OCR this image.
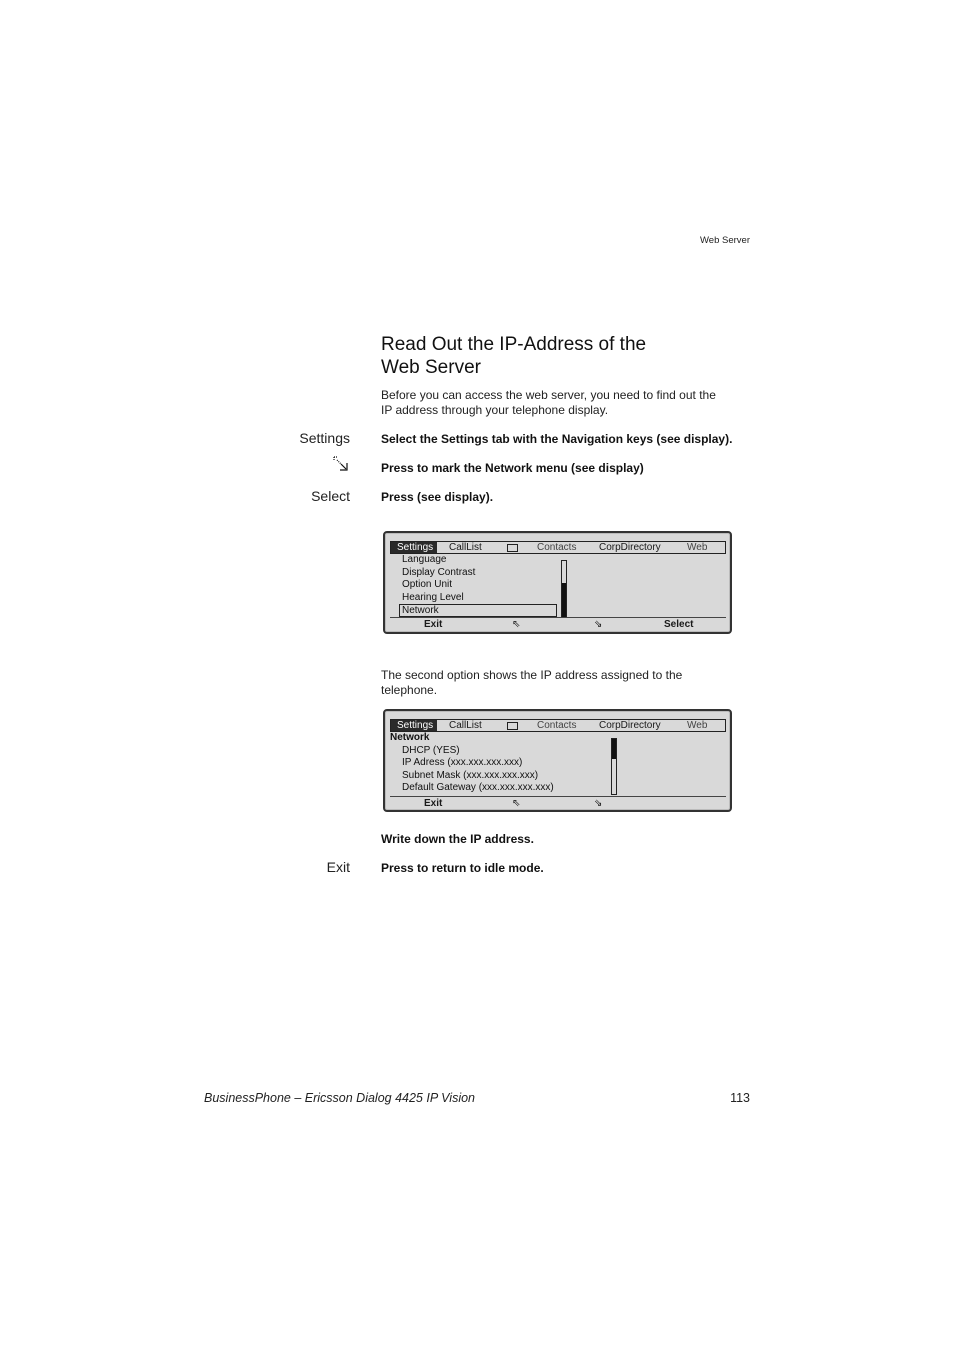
Web Server
Read Out the IP-Address of the
Web Server
Before you can access the web server, you need to find out the
IP address through your telephone display.
Settings	Select the Settings tab with the Navigation keys (see display).
Press to mark the Network menu (see display)
Select	Press (see display).
Settings	CallList	Contacts CorpDirectory	Web
Language
Display Contrast
Option Unit
Hearing Level
Network
Exit	⇖	⇘	Select
The second option shows the IP address assigned to the
telephone.
Settings	CallList	Contacts CorpDirectory	Web
Network
DHCP (YES)
IP Adress (xxx.xxx.xxx.xxx)
Subnet Mask (xxx.xxx.xxx.xxx)
Default Gateway (xxx.xxx.xxx.xxx)
Exit	⇖	⇘
Write down the IP address.
Exit	Press to return to idle mode.
BusinessPhone – Ericsson Dialog 4425 IP Vision	113
